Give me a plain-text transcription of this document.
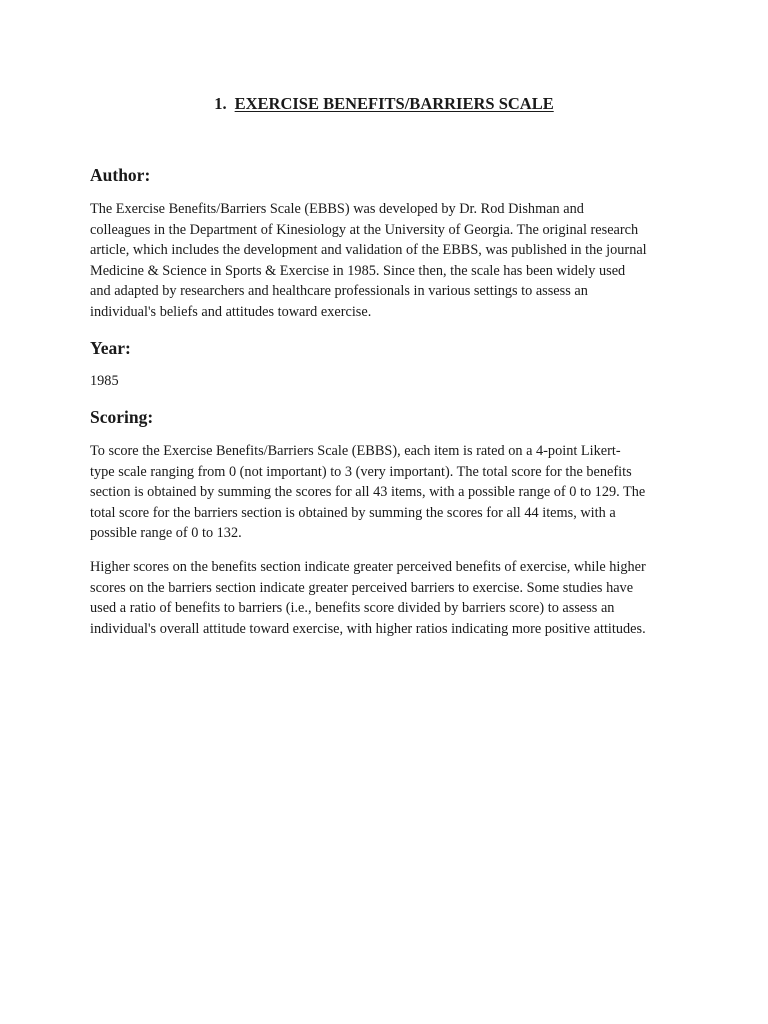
1. EXERCISE BENEFITS/BARRIERS SCALE
Author:

The Exercise Benefits/Barriers Scale (EBBS) was developed by Dr. Rod Dishman and
colleagues in the Department of Kinesiology at the University of Georgia. The original research
article, which includes the development and validation of the EBBS, was published in the journal
Medicine & Science in Sports & Exercise in 1985. Since then, the scale has been widely used
and adapted by researchers and healthcare professionals in various settings to assess an
individual's beliefs and attitudes toward exercise.

Year:

1985

Scoring:

To score the Exercise Benefits/Barriers Scale (EBBS), each item is rated on a 4-point Likert-
type scale ranging from 0 (not important) to 3 (very important). The total score for the benefits
section is obtained by summing the scores for all 43 items, with a possible range of 0 to 129. The
total score for the barriers section is obtained by summing the scores for all 44 items, with a
possible range of 0 to 132.

Higher scores on the benefits section indicate greater perceived benefits of exercise, while higher
scores on the barriers section indicate greater perceived barriers to exercise. Some studies have
used a ratio of benefits to barriers (i.e., benefits score divided by barriers score) to assess an
individual's overall attitude toward exercise, with higher ratios indicating more positive attitudes.
